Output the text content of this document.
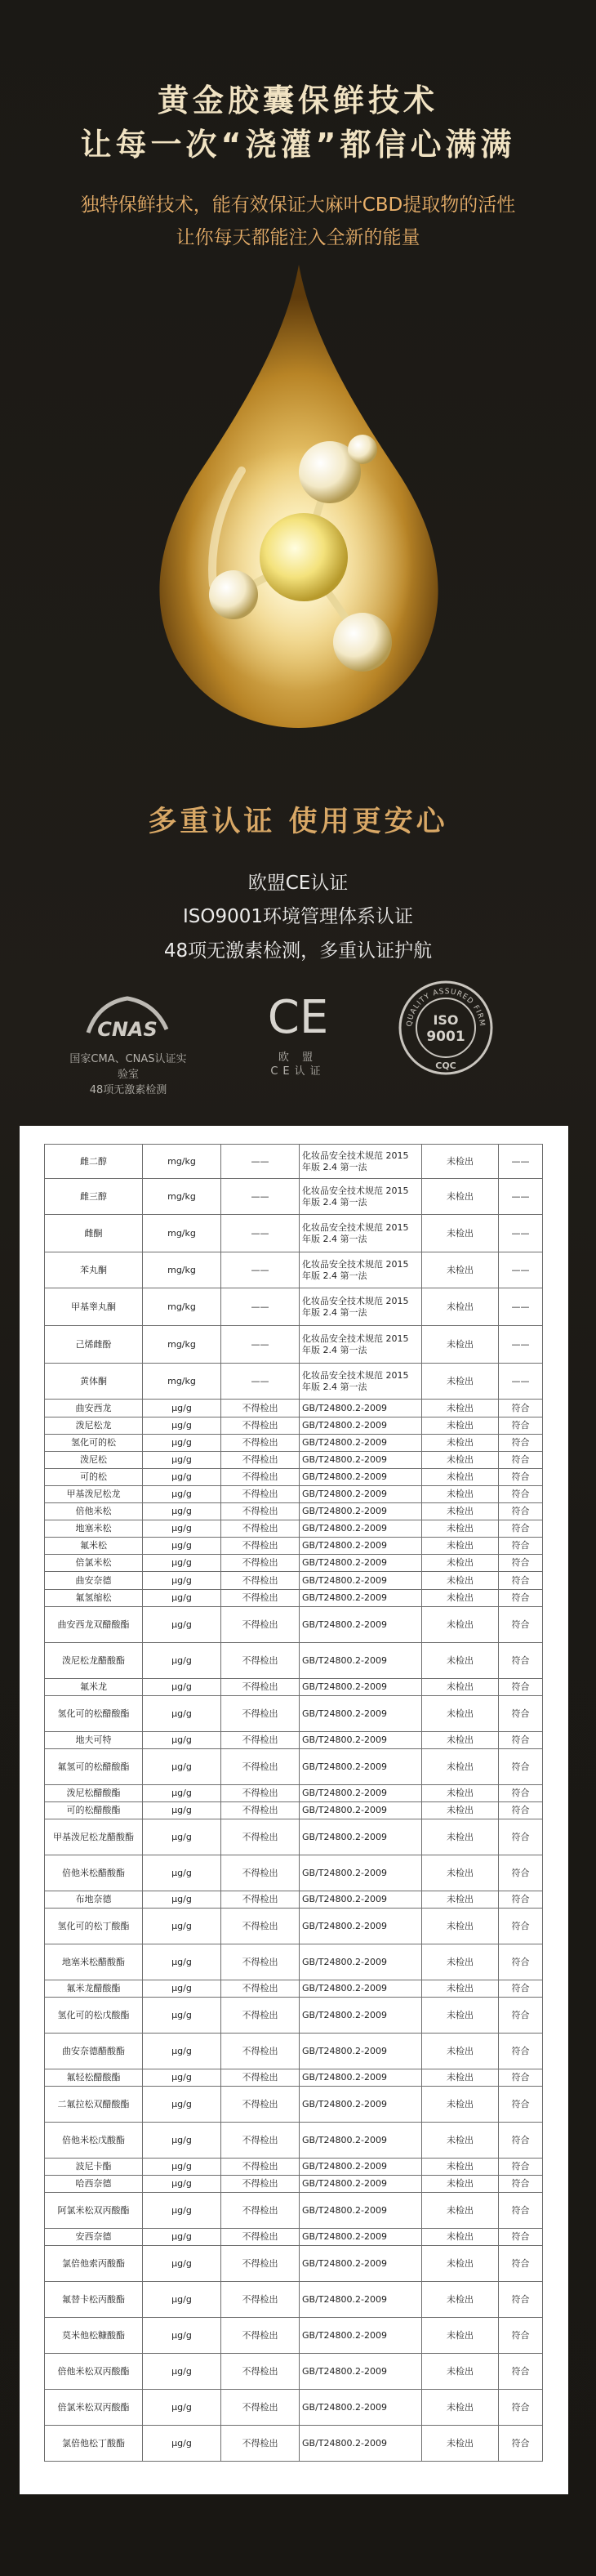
黄金胶囊保鲜技术
让每一次“浇灌”都信心满满
独特保鲜技术，能有效保证大麻叶CBD提取物的活性
让你每天都能注入全新的能量
多重认证 使用更安心
欧盟CE认证
ISO9001环境管理体系认证
48项无激素检测，多重认证护航
CNAS
国家CMA、CNAS认证实验室
48项无激素检测
CE
欧 盟
CE认证
QUALITY ASSURED FIRM
ISO
9001
CQC
雌二醇	mg/kg	——	化妆品安全技术规范 2015 年版 2.4 第一法	未检出	——
雌三醇	mg/kg	——	化妆品安全技术规范 2015 年版 2.4 第一法	未检出	——
雌酮	mg/kg	——	化妆品安全技术规范 2015 年版 2.4 第一法	未检出	——
苯丸酮	mg/kg	——	化妆品安全技术规范 2015 年版 2.4 第一法	未检出	——
甲基睾丸酮	mg/kg	——	化妆品安全技术规范 2015 年版 2.4 第一法	未检出	——
己烯雌酚	mg/kg	——	化妆品安全技术规范 2015 年版 2.4 第一法	未检出	——
黄体酮	mg/kg	——	化妆品安全技术规范 2015 年版 2.4 第一法	未检出	——
曲安西龙	μg/g	不得检出	GB/T24800.2-2009	未检出	符合
泼尼松龙	μg/g	不得检出	GB/T24800.2-2009	未检出	符合
氢化可的松	μg/g	不得检出	GB/T24800.2-2009	未检出	符合
泼尼松	μg/g	不得检出	GB/T24800.2-2009	未检出	符合
可的松	μg/g	不得检出	GB/T24800.2-2009	未检出	符合
甲基泼尼松龙	μg/g	不得检出	GB/T24800.2-2009	未检出	符合
倍他米松	μg/g	不得检出	GB/T24800.2-2009	未检出	符合
地塞米松	μg/g	不得检出	GB/T24800.2-2009	未检出	符合
氟米松	μg/g	不得检出	GB/T24800.2-2009	未检出	符合
倍氯米松	μg/g	不得检出	GB/T24800.2-2009	未检出	符合
曲安奈德	μg/g	不得检出	GB/T24800.2-2009	未检出	符合
氟氢缩松	μg/g	不得检出	GB/T24800.2-2009	未检出	符合
曲安西龙双醋酸酯	μg/g	不得检出	GB/T24800.2-2009	未检出	符合
泼尼松龙醋酸酯	μg/g	不得检出	GB/T24800.2-2009	未检出	符合
氟米龙	μg/g	不得检出	GB/T24800.2-2009	未检出	符合
氢化可的松醋酸酯	μg/g	不得检出	GB/T24800.2-2009	未检出	符合
地夫可特	μg/g	不得检出	GB/T24800.2-2009	未检出	符合
氟氢可的松醋酸酯	μg/g	不得检出	GB/T24800.2-2009	未检出	符合
泼尼松醋酸酯	μg/g	不得检出	GB/T24800.2-2009	未检出	符合
可的松醋酸酯	μg/g	不得检出	GB/T24800.2-2009	未检出	符合
甲基泼尼松龙醋酸酯	μg/g	不得检出	GB/T24800.2-2009	未检出	符合
倍他米松醋酸酯	μg/g	不得检出	GB/T24800.2-2009	未检出	符合
布地奈德	μg/g	不得检出	GB/T24800.2-2009	未检出	符合
氢化可的松丁酸酯	μg/g	不得检出	GB/T24800.2-2009	未检出	符合
地塞米松醋酸酯	μg/g	不得检出	GB/T24800.2-2009	未检出	符合
氟米龙醋酸酯	μg/g	不得检出	GB/T24800.2-2009	未检出	符合
氢化可的松戊酸酯	μg/g	不得检出	GB/T24800.2-2009	未检出	符合
曲安奈德醋酸酯	μg/g	不得检出	GB/T24800.2-2009	未检出	符合
氟轻松醋酸酯	μg/g	不得检出	GB/T24800.2-2009	未检出	符合
二氟拉松双醋酸酯	μg/g	不得检出	GB/T24800.2-2009	未检出	符合
倍他米松戊酸酯	μg/g	不得检出	GB/T24800.2-2009	未检出	符合
波尼卡酯	μg/g	不得检出	GB/T24800.2-2009	未检出	符合
哈西奈德	μg/g	不得检出	GB/T24800.2-2009	未检出	符合
阿氯米松双丙酸酯	μg/g	不得检出	GB/T24800.2-2009	未检出	符合
安西奈德	μg/g	不得检出	GB/T24800.2-2009	未检出	符合
氯倍他索丙酸酯	μg/g	不得检出	GB/T24800.2-2009	未检出	符合
氟替卡松丙酸酯	μg/g	不得检出	GB/T24800.2-2009	未检出	符合
莫米他松糠酸酯	μg/g	不得检出	GB/T24800.2-2009	未检出	符合
倍他米松双丙酸酯	μg/g	不得检出	GB/T24800.2-2009	未检出	符合
倍氯米松双丙酸酯	μg/g	不得检出	GB/T24800.2-2009	未检出	符合
氯倍他松丁酸酯	μg/g	不得检出	GB/T24800.2-2009	未检出	符合
